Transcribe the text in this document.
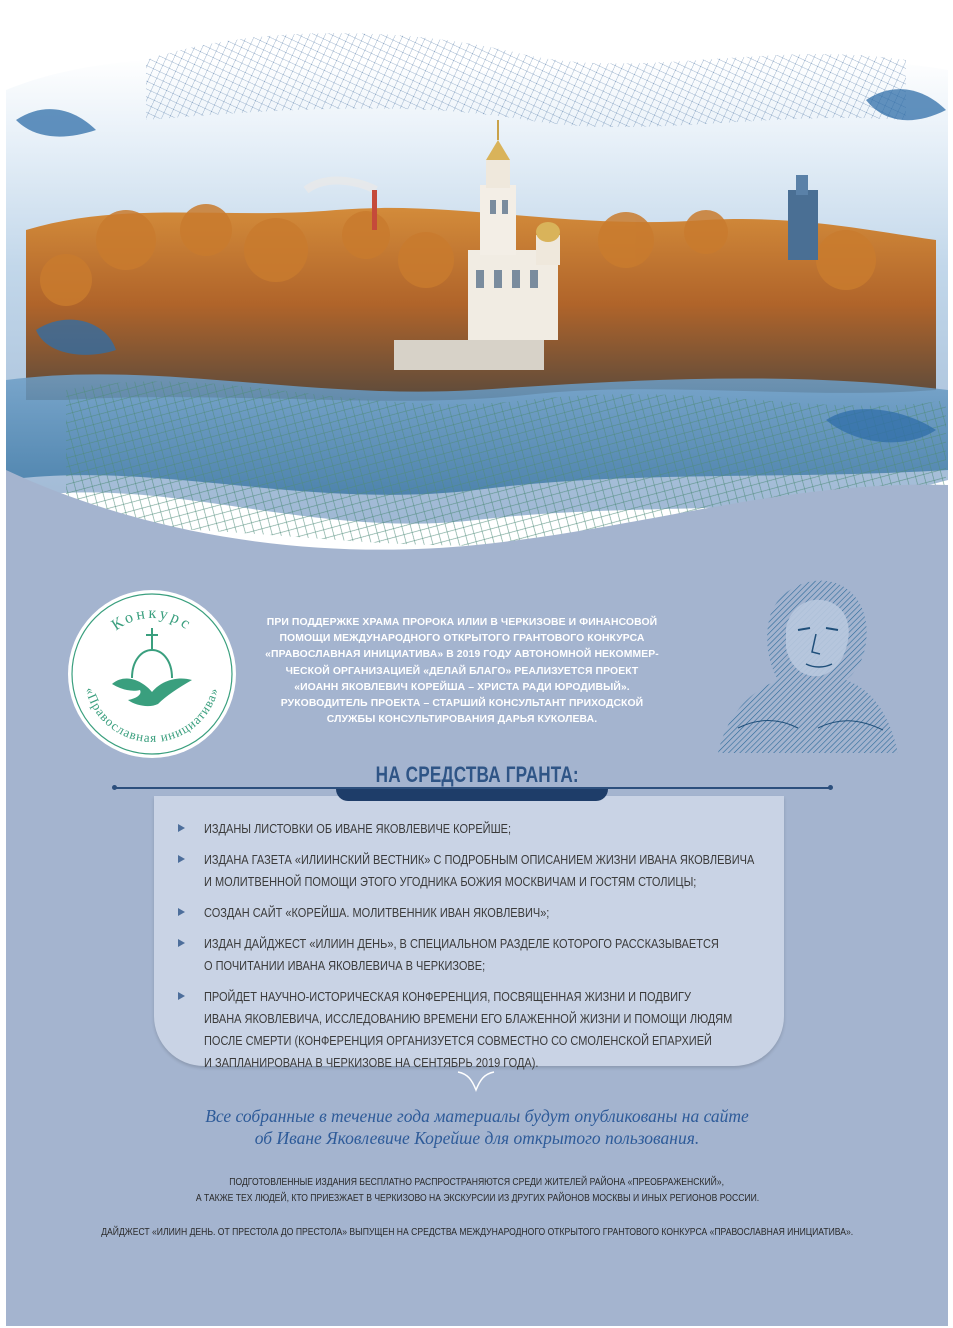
Конкурс
«Православная инициатива»
ПРИ ПОДДЕРЖКЕ ХРАМА ПРОРОКА ИЛИИ В ЧЕРКИЗОВЕ И ФИНАНСОВОЙ
ПОМОЩИ МЕЖДУНАРОДНОГО ОТКРЫТОГО ГРАНТОВОГО КОНКУРСА
«ПРАВОСЛАВНАЯ ИНИЦИАТИВА» В 2019 ГОДУ АВТОНОМНОЙ НЕКОММЕР-
ЧЕСКОЙ ОРГАНИЗАЦИЕЙ «ДЕЛАЙ БЛАГО» РЕАЛИЗУЕТСЯ ПРОЕКТ
«ИОАНН ЯКОВЛЕВИЧ КОРЕЙША – ХРИСТА РАДИ ЮРОДИВЫЙ».
РУКОВОДИТЕЛЬ ПРОЕКТА – СТАРШИЙ КОНСУЛЬТАНТ ПРИХОДСКОЙ
СЛУЖБЫ КОНСУЛЬТИРОВАНИЯ ДАРЬЯ КУКОЛЕВА.
НА СРЕДСТВА ГРАНТА:
ИЗДАНЫ ЛИСТОВКИ ОБ ИВАНЕ ЯКОВЛЕВИЧЕ КОРЕЙШЕ;
ИЗДАНА ГАЗЕТА «ИЛИИНСКИЙ ВЕСТНИК» С ПОДРОБНЫМ ОПИСАНИЕМ ЖИЗНИ ИВАНА ЯКОВЛЕВИЧА
И МОЛИТВЕННОЙ ПОМОЩИ ЭТОГО УГОДНИКА БОЖИЯ МОСКВИЧАМ И ГОСТЯМ СТОЛИЦЫ;
СОЗДАН САЙТ «КОРЕЙША. МОЛИТВЕННИК ИВАН ЯКОВЛЕВИЧ»;
ИЗДАН ДАЙДЖЕСТ «ИЛИИН ДЕНЬ», В СПЕЦИАЛЬНОМ РАЗДЕЛЕ КОТОРОГО РАССКАЗЫВАЕТСЯ
О ПОЧИТАНИИ ИВАНА ЯКОВЛЕВИЧА В ЧЕРКИЗОВЕ;
ПРОЙДЕТ НАУЧНО-ИСТОРИЧЕСКАЯ КОНФЕРЕНЦИЯ, ПОСВЯЩЕННАЯ ЖИЗНИ И ПОДВИГУ
ИВАНА ЯКОВЛЕВИЧА, ИССЛЕДОВАНИЮ ВРЕМЕНИ ЕГО БЛАЖЕННОЙ ЖИЗНИ И ПОМОЩИ ЛЮДЯМ
ПОСЛЕ СМЕРТИ (КОНФЕРЕНЦИЯ ОРГАНИЗУЕТСЯ СОВМЕСТНО СО СМОЛЕНСКОЙ ЕПАРХИЕЙ
И ЗАПЛАНИРОВАНА В ЧЕРКИЗОВЕ НА СЕНТЯБРЬ 2019 ГОДА).
Все собранные в течение года материалы будут опубликованы на сайте
об Иване Яковлевиче Корейше для открытого пользования.
ПОДГОТОВЛЕННЫЕ ИЗДАНИЯ БЕСПЛАТНО РАСПРОСТРАНЯЮТСЯ СРЕДИ ЖИТЕЛЕЙ РАЙОНА «ПРЕОБРАЖЕНСКИЙ»,
А ТАКЖЕ ТЕХ ЛЮДЕЙ, КТО ПРИЕЗЖАЕТ В ЧЕРКИЗОВО НА ЭКСКУРСИИ ИЗ ДРУГИХ РАЙОНОВ МОСКВЫ И ИНЫХ РЕГИОНОВ РОССИИ.
ДАЙДЖЕСТ «ИЛИИН ДЕНЬ. ОТ ПРЕСТОЛА ДО ПРЕСТОЛА» ВЫПУЩЕН НА СРЕДСТВА МЕЖДУНАРОДНОГО ОТКРЫТОГО ГРАНТОВОГО КОНКУРСА «ПРАВОСЛАВНАЯ ИНИЦИАТИВА».
